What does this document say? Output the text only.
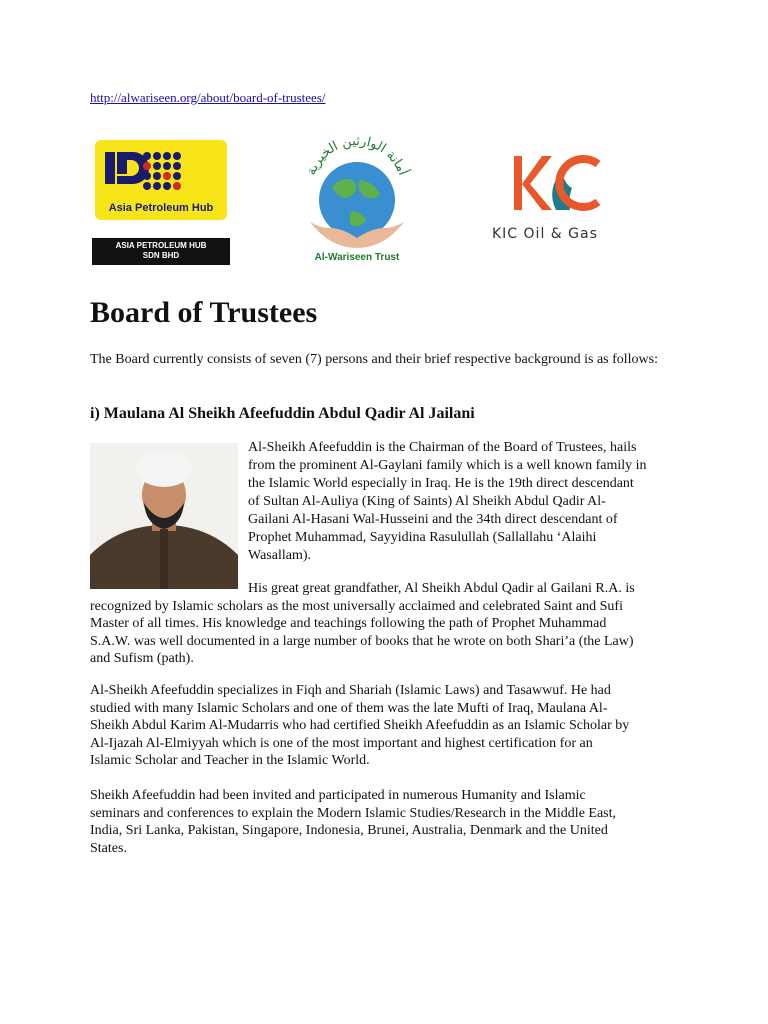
http://alwariseen.org/about/board-of-trustees/
Asia Petroleum Hub
ASIA PETROLEUM HUB
SDN BHD
أمانة الوارثين الخيرية
Al-Wariseen Trust
KIC Oil & Gas
Board of Trustees

The Board currently consists of seven (7) persons and their brief respective background is as follows:

i) Maulana Al Sheikh Afeefuddin Abdul Qadir Al Jailani
Al-Sheikh Afeefuddin is the Chairman of the Board of Trustees, hails
from the prominent Al-Gaylani family which is a well known family in
the Islamic World especially in Iraq. He is the 19th direct descendant
of Sultan Al-Auliya (King of Saints) Al Sheikh Abdul Qadir Al-
Gailani Al-Hasani Wal-Husseini and the 34th direct descendant of
Prophet Muhammad, Sayyidina Rasulullah (Sallallahu ‘Alaihi
Wasallam).
His great great grandfather, Al Sheikh Abdul Qadir al Gailani R.A. is
recognized by Islamic scholars as the most universally acclaimed and celebrated Saint and Sufi
Master of all times. His knowledge and teachings following the path of Prophet Muhammad
S.A.W. was well documented in a large number of books that he wrote on both Shari’a (the Law)
and Sufism (path).
Al-Sheikh Afeefuddin specializes in Fiqh and Shariah (Islamic Laws) and Tasawwuf. He had
studied with many Islamic Scholars and one of them was the late Mufti of Iraq, Maulana Al-
Sheikh Abdul Karim Al-Mudarris who had certified Sheikh Afeefuddin as an Islamic Scholar by
Al-Ijazah Al-Elmiyyah which is one of the most important and highest certification for an
Islamic Scholar and Teacher in the Islamic World.
Sheikh Afeefuddin had been invited and participated in numerous Humanity and Islamic
seminars and conferences to explain the Modern Islamic Studies/Research in the Middle East,
India, Sri Lanka, Pakistan, Singapore, Indonesia, Brunei, Australia, Denmark and the United
States.
